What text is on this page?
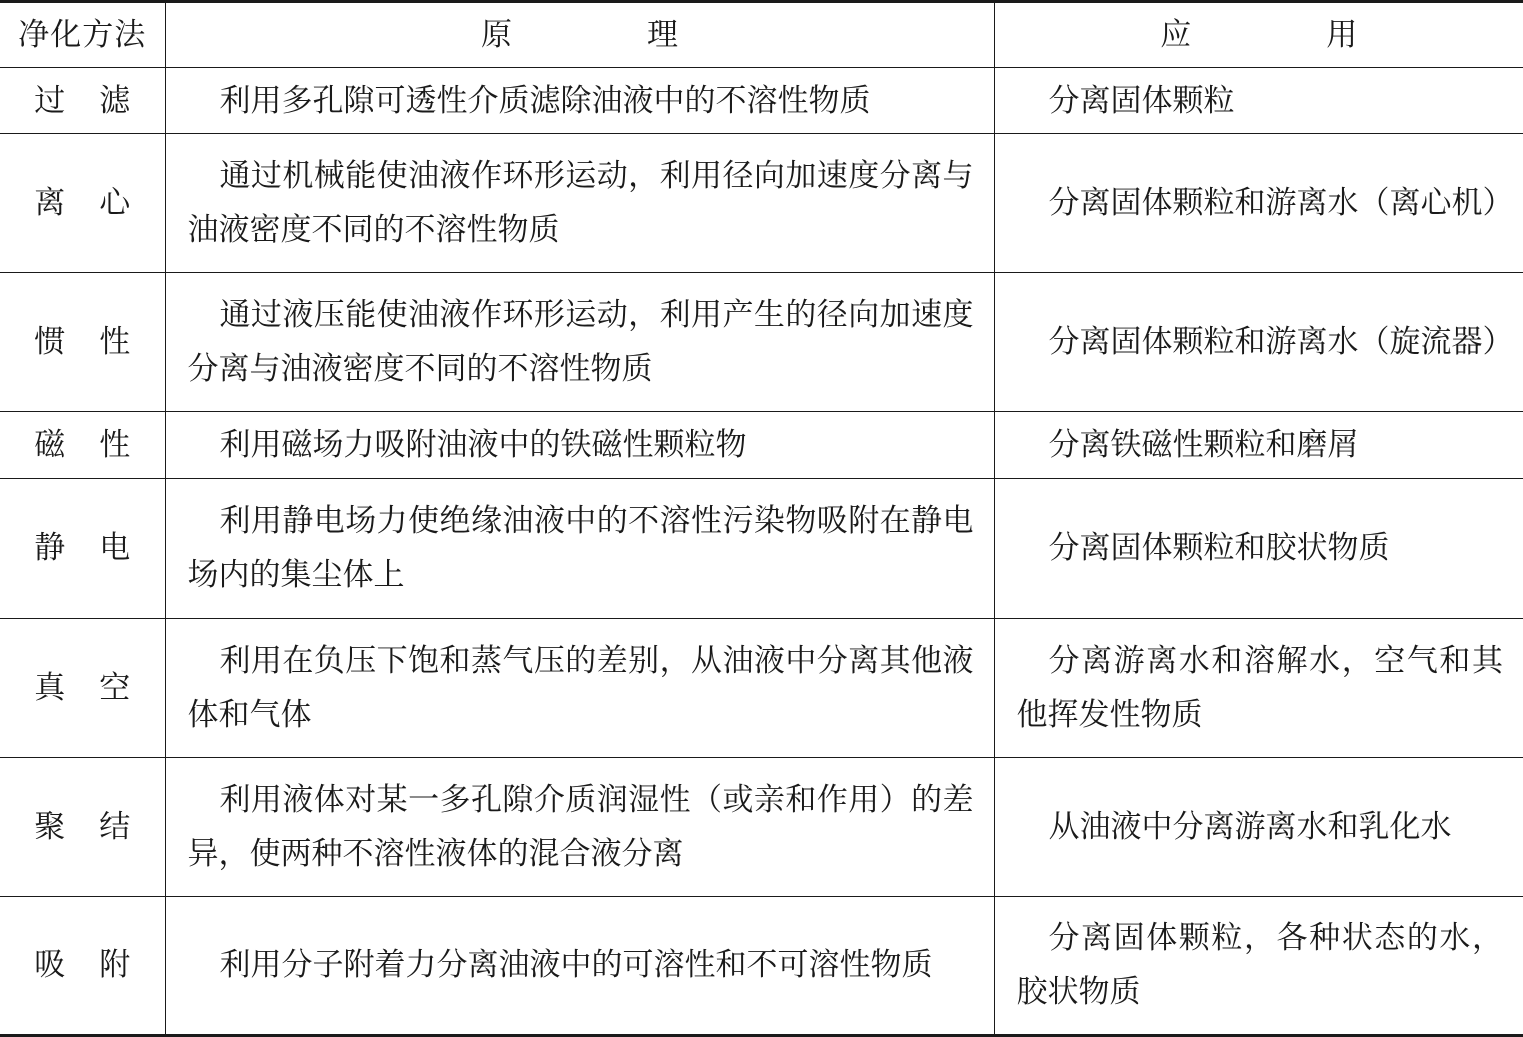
净化方法	原 理	应 用
过 滤	利用多孔隙可透性介质滤除油液中的不溶性物质	分离固体颗粒

离 心	通过机械能使油液作环形运动，利用径向加速度分离与油液密度不同的不溶性物质	分离固体颗粒和游离水（离心机）

惯 性	通过液压能使油液作环形运动，利用产生的径向加速度分离与油液密度不同的不溶性物质	分离固体颗粒和游离水（旋流器）

磁 性	利用磁场力吸附油液中的铁磁性颗粒物	分离铁磁性颗粒和磨屑

静 电	利用静电场力使绝缘油液中的不溶性污染物吸附在静电场内的集尘体上	分离固体颗粒和胶状物质

真 空	利用在负压下饱和蒸气压的差别，从油液中分离其他液体和气体	分离游离水和溶解水，空气和其他挥发性物质

聚 结	利用液体对某一多孔隙介质润湿性（或亲和作用）的差异，使两种不溶性液体的混合液分离	从油液中分离游离水和乳化水

吸 附	利用分子附着力分离油液中的可溶性和不可溶性物质	分离固体颗粒，各种状态的水，胶状物质
